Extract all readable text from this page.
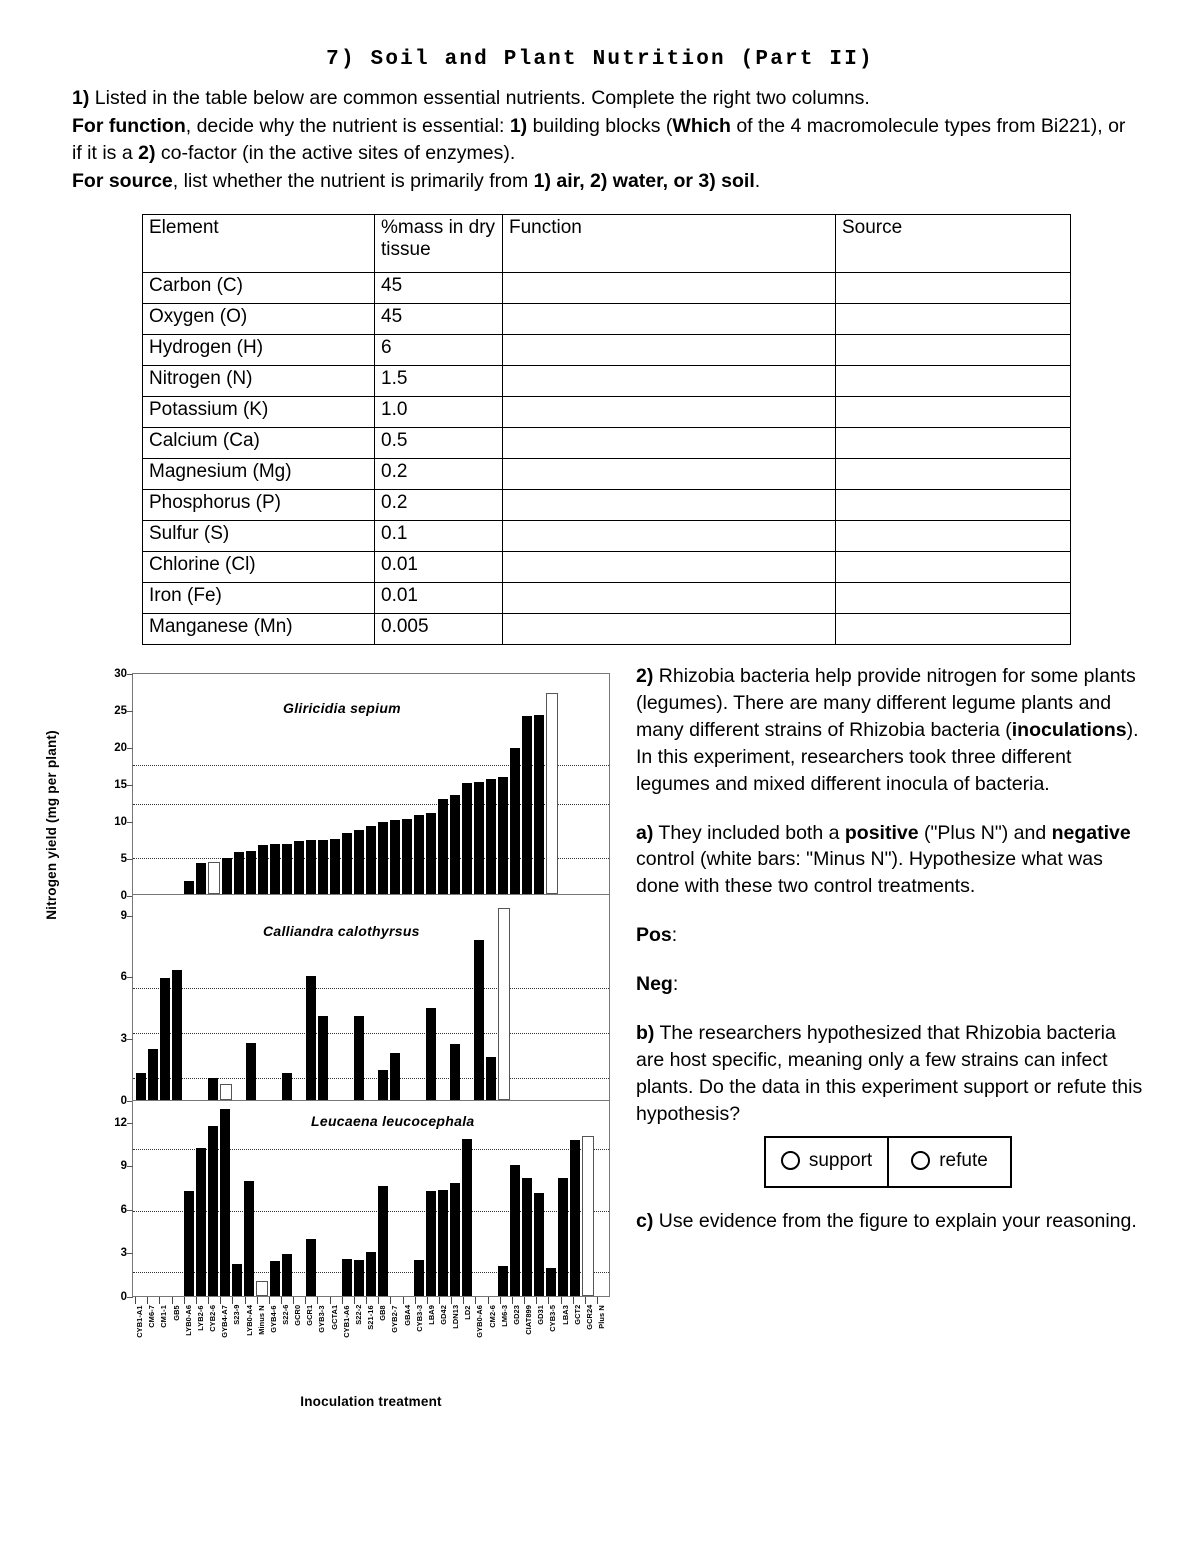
7) Soil and Plant Nutrition (Part II)

1) Listed in the table below are common essential nutrients. Complete the right two columns.

For function, decide why the nutrient is essential: 1) building blocks (Which of the 4 macromolecule types from Bi221), or if it is a 2) co-factor (in the active sites of enzymes).

For source, list whether the nutrient is primarily from 1) air, 2) water, or 3) soil.

Element	%mass in dry tissue	Function	Source
Carbon (C)	45		
Oxygen (O)	45		
Hydrogen (H)	6		
Nitrogen (N)	1.5		
Potassium (K)	1.0		
Calcium (Ca)	0.5		
Magnesium (Mg)	0.2		
Phosphorus (P)	0.2		
Sulfur (S)	0.1		
Chlorine (Cl)	0.01		
Iron (Fe)	0.01		
Manganese (Mn)	0.005		
Nitrogen yield (mg per plant)	0
5
10
15
20
25
30
Gliricidia sepium
0
3
6
9
Calliandra calothyrsus
0
3
6
9
12	Leucaena leucocephala
CYB1-A1 CM6-7 CM1-1 GB5 LYB0-A6 LYB2-6 CYB2-6 GYB4-A7 S23-9 LYB0-A4 Minus N GYB4-6 S22-6 GCR0 GCR1 GYB3-3 GCTA1 CYB1-A6 S22-2 S21-16 GB8 GYB2-7 GBA4 CYB3-3 LBA9 GD42 LDN13 LD2 GYB0-A6 CM2-6 LM6-3 GD23 CIAT899 GD31 CYB3-5 LBA3 GCT2 GCR24 Plus N
Inoculation treatment

2) Rhizobia bacteria help provide nitrogen for some plants (legumes). There are many different legume plants and many different strains of Rhizobia bacteria (inoculations). In this experiment, researchers took three different legumes and mixed different inocula of bacteria.

a) They included both a positive ("Plus N") and negative control (white bars: "Minus N"). Hypothesize what was done with these two control treatments.

Pos:

Neg:

b) The researchers hypothesized that Rhizobia bacteria are host specific, meaning only a few strains can infect plants. Do the data in this experiment support or refute this hypothesis?

support	refute

c) Use evidence from the figure to explain your reasoning.
